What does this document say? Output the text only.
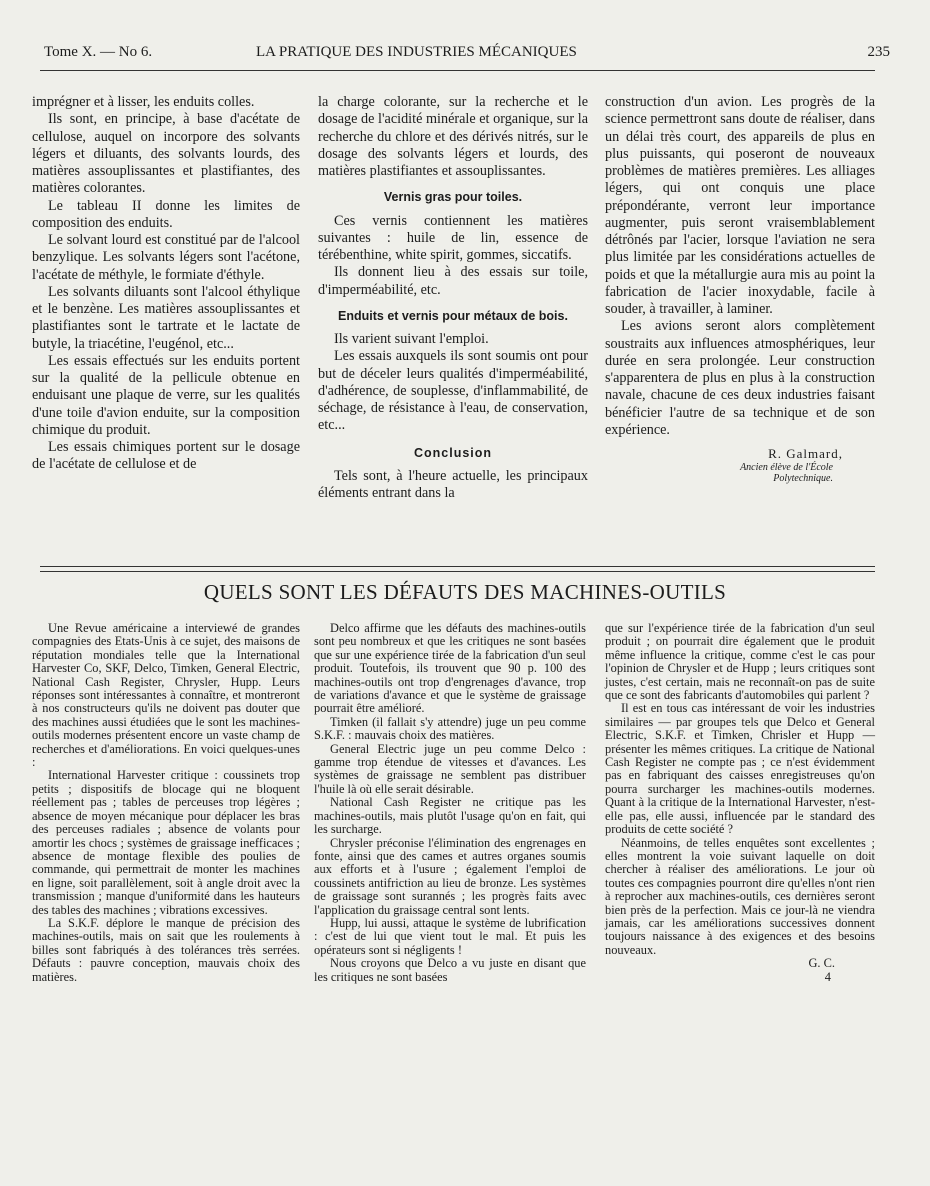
Tome X. — No 6.	LA PRATIQUE DES INDUSTRIES MÉCANIQUES	235

imprégner et à lisser, les enduits colles.

Ils sont, en principe, à base d'acétate de cellulose, auquel on incorpore des solvants légers et diluants, des solvants lourds, des matières assouplissantes et plastifiantes, des matières colorantes.

Le tableau II donne les limites de composition des enduits.

Le solvant lourd est constitué par de l'alcool benzylique. Les solvants légers sont l'acétone, l'acétate de méthyle, le formiate d'éthyle.

Les solvants diluants sont l'alcool éthylique et le benzène. Les matières assouplissantes et plastifiantes sont le tartrate et le lactate de butyle, la triacétine, l'eugénol, etc...

Les essais effectués sur les enduits portent sur la qualité de la pellicule obtenue en enduisant une plaque de verre, sur les qualités d'une toile d'avion enduite, sur la composition chimique du produit.

Les essais chimiques portent sur le dosage de l'acétate de cellulose et de

la charge colorante, sur la recherche et le dosage de l'acidité minérale et organique, sur la recherche du chlore et des dérivés nitrés, sur le dosage des solvants légers et lourds, des matières plastifiantes et assouplissantes.

Vernis gras pour toiles.

Ces vernis contiennent les matières suivantes : huile de lin, essence de térébenthine, white spirit, gommes, siccatifs.

Ils donnent lieu à des essais sur toile, d'imperméabilité, etc.

Enduits et vernis pour métaux de bois.

Ils varient suivant l'emploi.

Les essais auxquels ils sont soumis ont pour but de déceler leurs qualités d'imperméabilité, d'adhérence, de souplesse, d'inflammabilité, de séchage, de résistance à l'eau, de conservation, etc...

Conclusion

Tels sont, à l'heure actuelle, les principaux éléments entrant dans la

construction d'un avion. Les progrès de la science permettront sans doute de réaliser, dans un délai très court, des appareils de plus en plus puissants, qui poseront de nouveaux problèmes de matières premières. Les alliages légers, qui ont conquis une place prépondérante, verront leur importance augmenter, puis seront vraisemblablement détrônés par l'acier, lorsque l'aviation ne sera plus limitée par les considérations actuelles de poids et que la métallurgie aura mis au point la fabrication de l'acier inoxydable, facile à souder, à travailler, à laminer.

Les avions seront alors complètement soustraits aux influences atmosphériques, leur durée en sera prolongée. Leur construction s'apparentera de plus en plus à la construction navale, chacune de ces deux industries faisant bénéficier l'autre de sa technique et de son expérience.

R. Galmard,
Ancien élève de l'École
Polytechnique.
QUELS SONT LES DÉFAUTS DES MACHINES-OUTILS

Une Revue américaine a interviewé de grandes compagnies des Etats-Unis à ce sujet, des maisons de réputation mondiales telle que la International Harvester Co, SKF, Delco, Timken, General Electric, National Cash Register, Chrysler, Hupp. Leurs réponses sont intéressantes à connaître, et montreront à nos constructeurs qu'ils ne doivent pas douter que des machines aussi étudiées que le sont les machines-outils modernes présentent encore un vaste champ de recherches et d'améliorations. En voici quelques-unes :

International Harvester critique : coussinets trop petits ; dispositifs de blocage qui ne bloquent réellement pas ; tables de perceuses trop légères ; absence de moyen mécanique pour déplacer les bras des perceuses radiales ; absence de volants pour amortir les chocs ; systèmes de graissage inefficaces ; absence de montage flexible des poulies de commande, qui permettrait de monter les machines en ligne, soit parallèlement, soit à angle droit avec la transmission ; manque d'uniformité dans les hauteurs des tables des machines ; vibrations excessives.

La S.K.F. déplore le manque de précision des machines-outils, mais on sait que les roulements à billes sont fabriqués à des tolérances très serrées. Défauts : pauvre conception, mauvais choix des matières.

Delco affirme que les défauts des machines-outils sont peu nombreux et que les critiques ne sont basées que sur une expérience tirée de la fabrication d'un seul produit. Toutefois, ils trouvent que 90 p. 100 des machines-outils ont trop d'engrenages d'avance, trop de variations d'avance et que le système de graissage pourrait être amélioré.

Timken (il fallait s'y attendre) juge un peu comme S.K.F. : mauvais choix des matières.

General Electric juge un peu comme Delco : gamme trop étendue de vitesses et d'avances. Les systèmes de graissage ne semblent pas distribuer l'huile là où elle serait désirable.

National Cash Register ne critique pas les machines-outils, mais plutôt l'usage qu'on en fait, qui les surcharge.

Chrysler préconise l'élimination des engrenages en fonte, ainsi que des cames et autres organes soumis aux efforts et à l'usure ; également l'emploi de coussinets antifriction au lieu de bronze. Les systèmes de graissage sont surannés ; les progrès faits avec l'application du graissage central sont lents.

Hupp, lui aussi, attaque le système de lubrification : c'est de lui que vient tout le mal. Et puis les opérateurs sont si négligents !

Nous croyons que Delco a vu juste en disant que les critiques ne sont basées

que sur l'expérience tirée de la fabrication d'un seul produit ; on pourrait dire également que le produit même influence la critique, comme c'est le cas pour l'opinion de Chrysler et de Hupp ; leurs critiques sont justes, c'est certain, mais ne reconnaît-on pas de suite que ce sont des fabricants d'automobiles qui parlent ?

Il est en tous cas intéressant de voir les industries similaires — par groupes tels que Delco et General Electric, S.K.F. et Timken, Chrisler et Hupp — présenter les mêmes critiques. La critique de National Cash Register ne compte pas ; ce n'est évidemment pas en fabriquant des caisses enregistreuses qu'on pourra surcharger les machines-outils modernes. Quant à la critique de la International Harvester, n'est-elle pas, elle aussi, influencée par le standard des produits de cette société ?

Néanmoins, de telles enquêtes sont excellentes ; elles montrent la voie suivant laquelle on doit chercher à réaliser des améliorations. Le jour où toutes ces compagnies pourront dire qu'elles n'ont rien à reprocher aux machines-outils, ces dernières seront bien près de la perfection. Mais ce jour-là ne viendra jamais, car les améliorations successives donnent toujours naissance à des exigences et des besoins nouveaux.

G. C.
4
